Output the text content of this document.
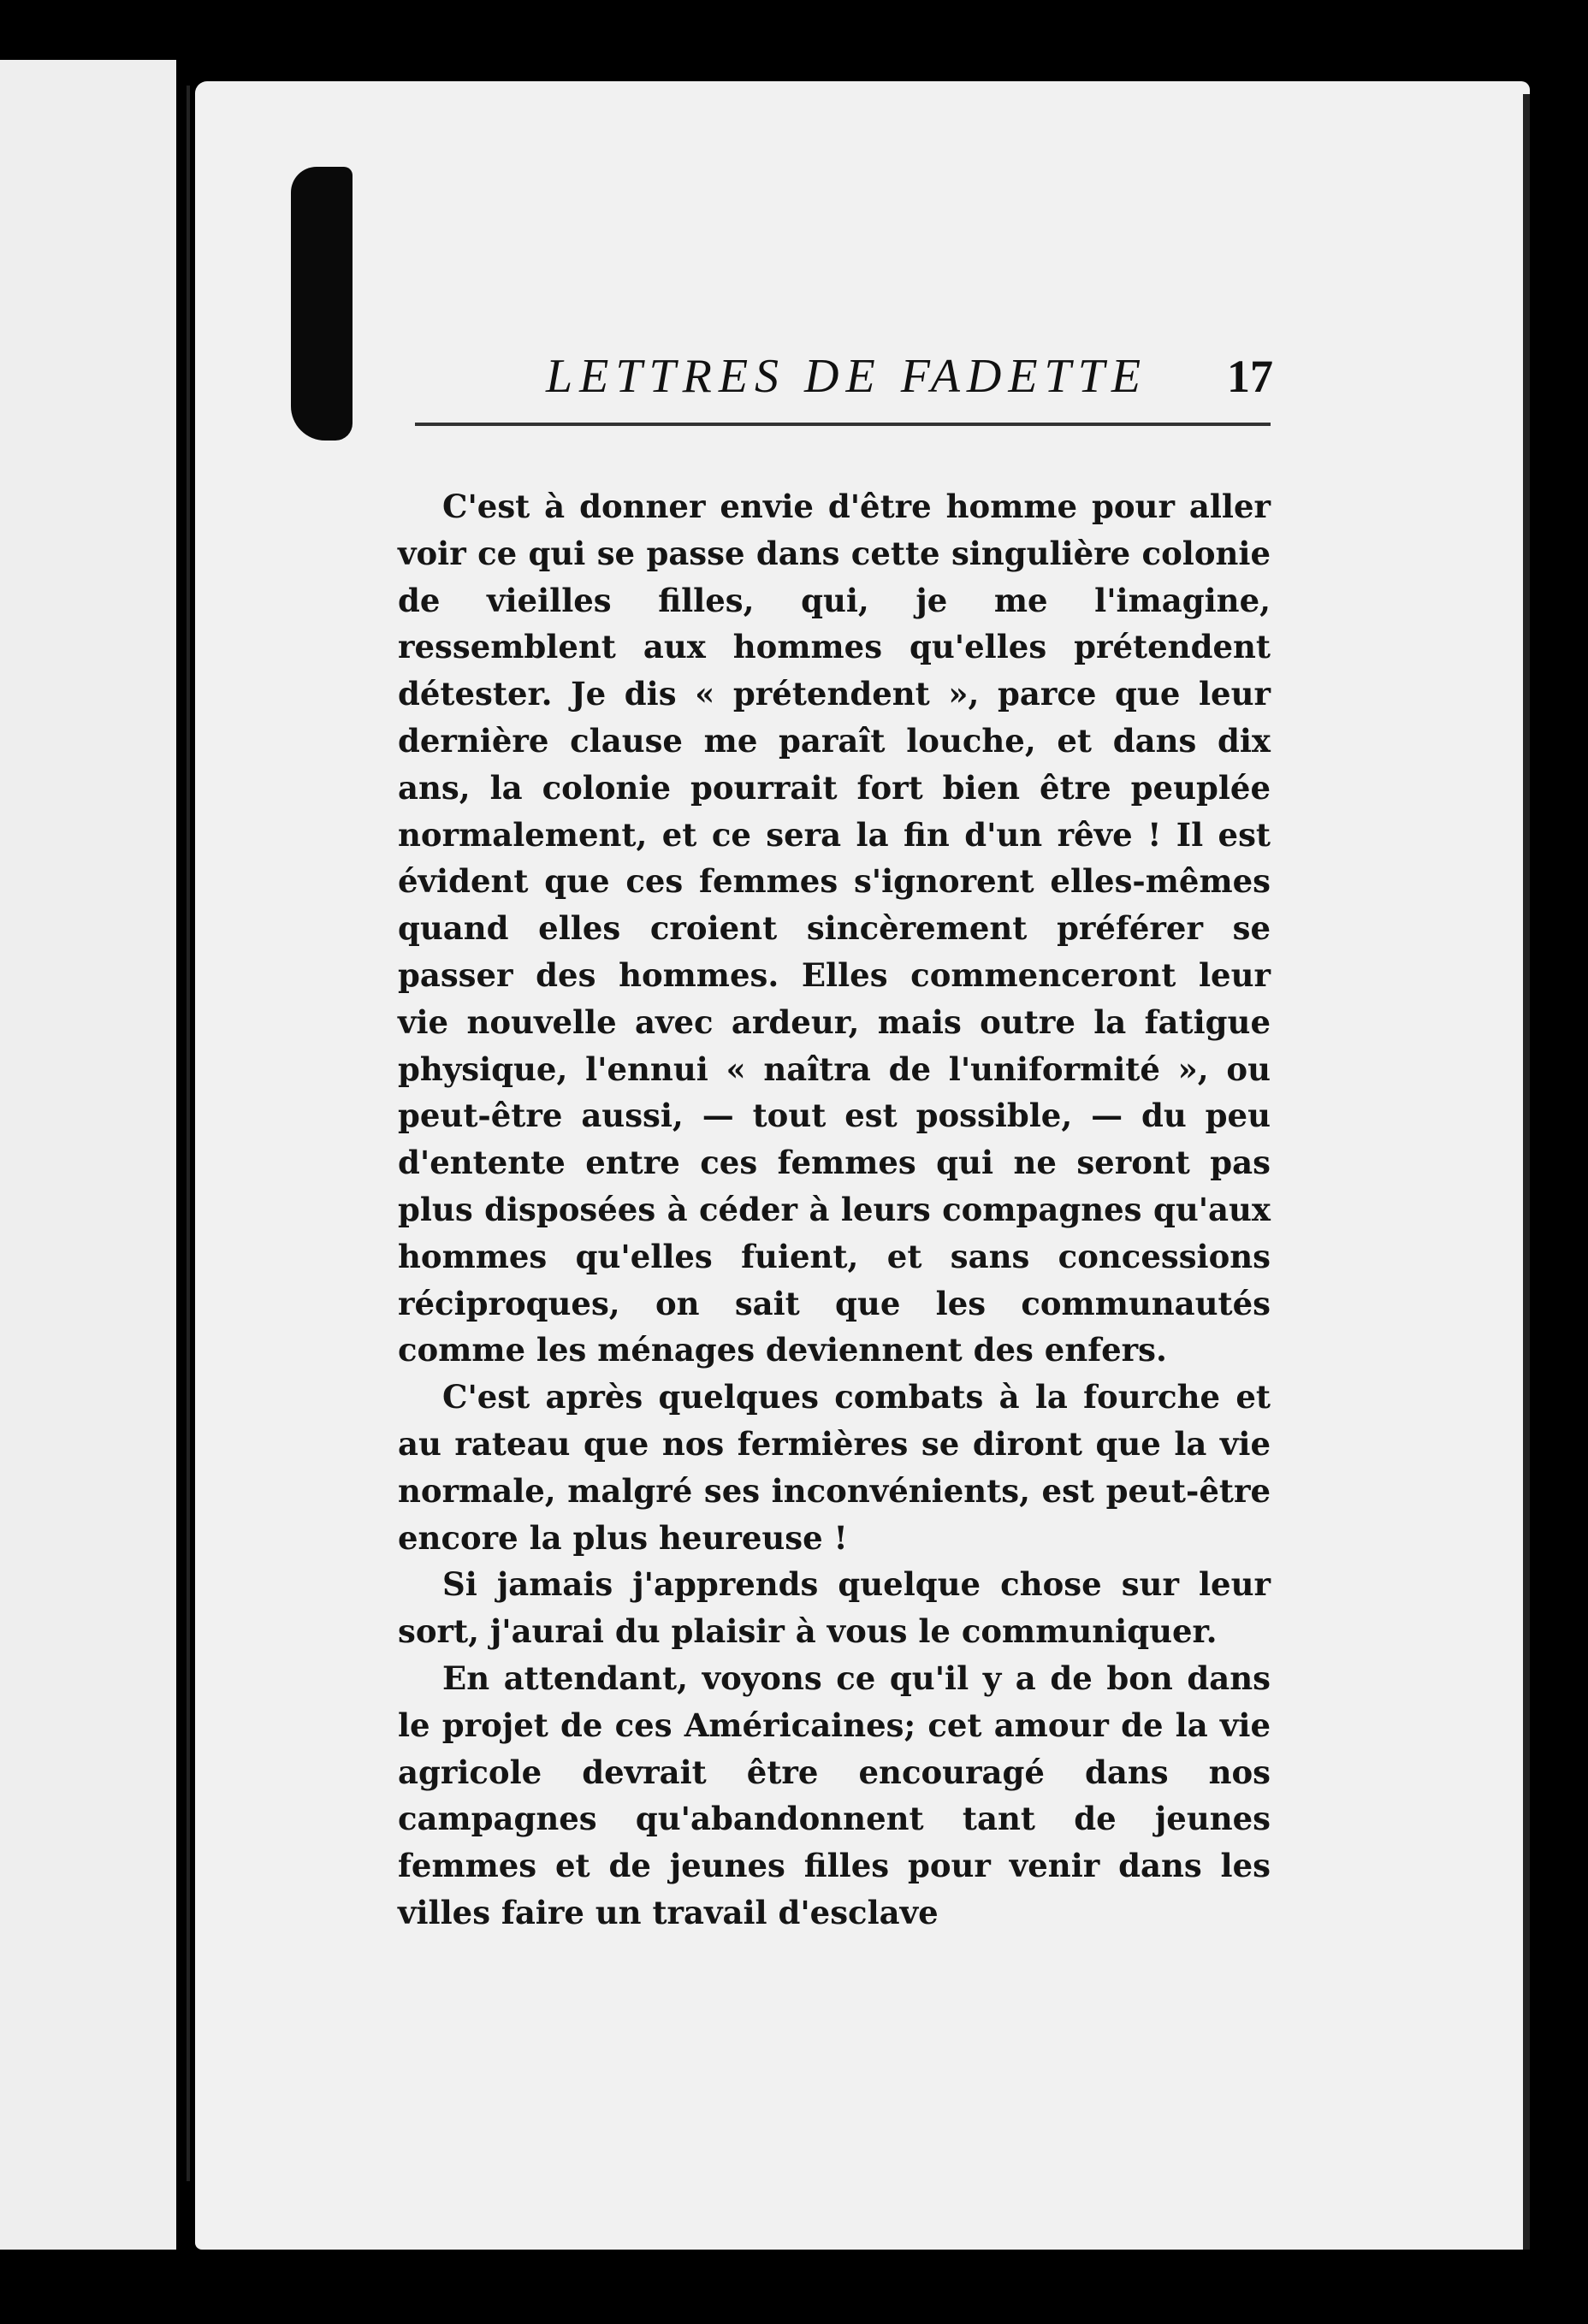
LETTRES DE FADETTE 17

C'est à donner envie d'être homme pour aller voir ce qui se passe dans cette singulière colonie de vieilles filles, qui, je me l'imagine, ressemblent aux hommes qu'elles prétendent détester. Je dis « prétendent », parce que leur dernière clause me paraît louche, et dans dix ans, la colonie pourrait fort bien être peuplée normalement, et ce sera la fin d'un rêve ! Il est évident que ces femmes s'ignorent elles-mêmes quand elles croient sincèrement préférer se passer des hommes. Elles commenceront leur vie nouvelle avec ardeur, mais outre la fatigue physique, l'ennui « naîtra de l'uniformité », ou peut-être aussi, — tout est possible, — du peu d'entente entre ces femmes qui ne seront pas plus disposées à céder à leurs compagnes qu'aux hommes qu'elles fuient, et sans concessions réciproques, on sait que les communautés comme les ménages deviennent des enfers.

C'est après quelques combats à la fourche et au rateau que nos fermières se diront que la vie normale, malgré ses inconvénients, est peut-être encore la plus heureuse !

Si jamais j'apprends quelque chose sur leur sort, j'aurai du plaisir à vous le communiquer.

En attendant, voyons ce qu'il y a de bon dans le projet de ces Américaines; cet amour de la vie agricole devrait être encouragé dans nos campagnes qu'abandonnent tant de jeunes femmes et de jeunes filles pour venir dans les villes faire un travail d'esclave
